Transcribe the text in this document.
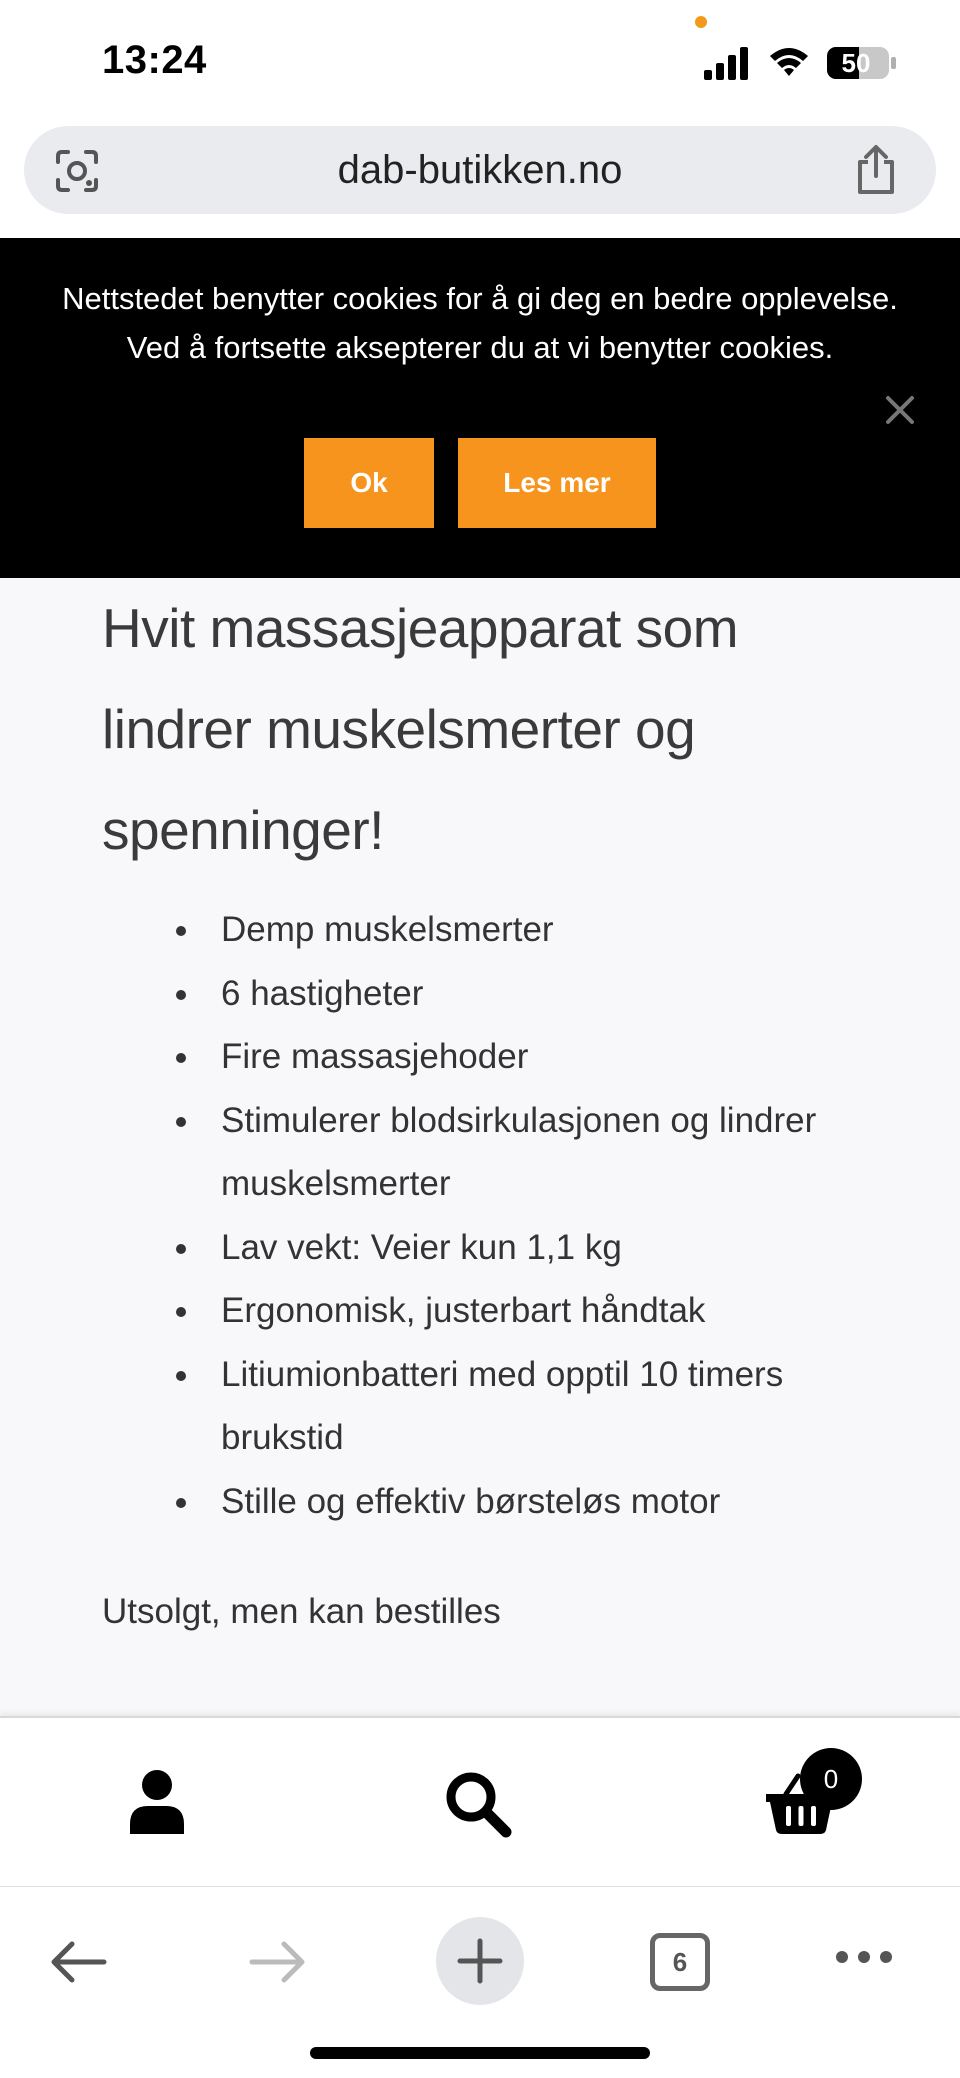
13:24	50
dab-butikken.no

Nettstedet benytter cookies for å gi deg en bedre opplevelse. Ved å fortsette aksepterer du at vi benytter cookies.

Ok	Les mer
Hvit massasjeapparat som lindrer muskelsmerter og spenninger!
Demp muskelsmerter
6 hastigheter
Fire massasjehoder
Stimulerer blodsirkulasjonen og lindrer muskelsmerter
Lav vekt: Veier kun 1,1 kg
Ergonomisk, justerbart håndtak
Litiumionbatteri med opptil 10 timers brukstid
Stille og effektiv børsteløs motor

Utsolgt, men kan bestilles

0
6
